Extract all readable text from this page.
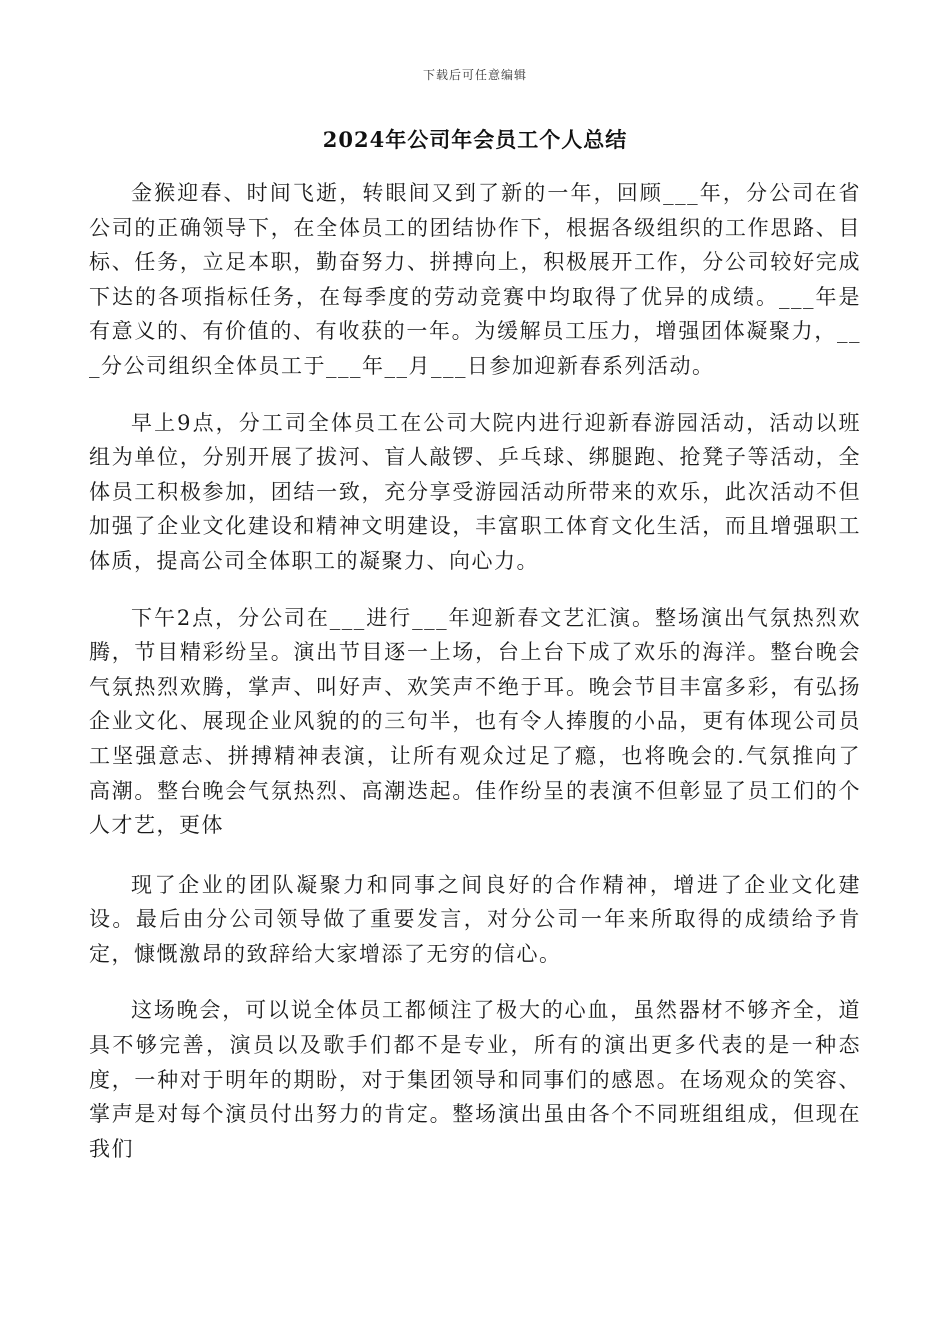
下载后可任意编辑
2024年公司年会员工个人总结

金猴迎春、时间飞逝，转眼间又到了新的一年，回顾___年，分公司在省公司的正确领导下，在全体员工的团结协作下，根据各级组织的工作思路、目标、任务，立足本职，勤奋努力、拼搏向上，积极展开工作，分公司较好完成下达的各项指标任务，在每季度的劳动竞赛中均取得了优异的成绩。___年是有意义的、有价值的、有收获的一年。为缓解员工压力，增强团体凝聚力，___分公司组织全体员工于___年__月___日参加迎新春系列活动。

早上9点，分工司全体员工在公司大院内进行迎新春游园活动，活动以班组为单位，分别开展了拔河、盲人敲锣、乒乓球、绑腿跑、抢凳子等活动，全体员工积极参加，团结一致，充分享受游园活动所带来的欢乐，此次活动不但加强了企业文化建设和精神文明建设，丰富职工体育文化生活，而且增强职工体质，提高公司全体职工的凝聚力、向心力。

下午2点，分公司在___进行___年迎新春文艺汇演。整场演出气氛热烈欢腾，节目精彩纷呈。演出节目逐一上场，台上台下成了欢乐的海洋。整台晚会气氛热烈欢腾，掌声、叫好声、欢笑声不绝于耳。晚会节目丰富多彩，有弘扬企业文化、展现企业风貌的的三句半，也有令人捧腹的小品，更有体现公司员工坚强意志、拼搏精神表演，让所有观众过足了瘾，也将晚会的.气氛推向了高潮。整台晚会气氛热烈、高潮迭起。佳作纷呈的表演不但彰显了员工们的个人才艺，更体

现了企业的团队凝聚力和同事之间良好的合作精神，增进了企业文化建设。最后由分公司领导做了重要发言，对分公司一年来所取得的成绩给予肯定，慷慨激昂的致辞给大家增添了无穷的信心。

这场晚会，可以说全体员工都倾注了极大的心血，虽然器材不够齐全，道具不够完善，演员以及歌手们都不是专业，所有的演出更多代表的是一种态度，一种对于明年的期盼，对于集团领导和同事们的感恩。在场观众的笑容、掌声是对每个演员付出努力的肯定。整场演出虽由各个不同班组组成，但现在我们
